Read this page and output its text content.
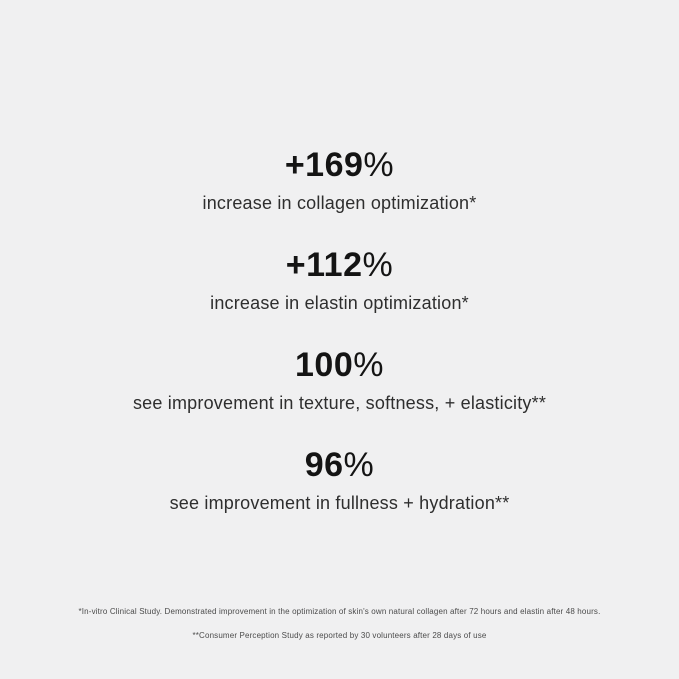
+169%
increase in collagen optimization*
+112%
increase in elastin optimization*
100%
see improvement in texture, softness, + elasticity**
96%
see improvement in fullness + hydration**

*In-vitro Clinical Study. Demonstrated improvement in the optimization of skin's own natural collagen after 72 hours and elastin after 48 hours.

**Consumer Perception Study as reported by 30 volunteers after 28 days of use
